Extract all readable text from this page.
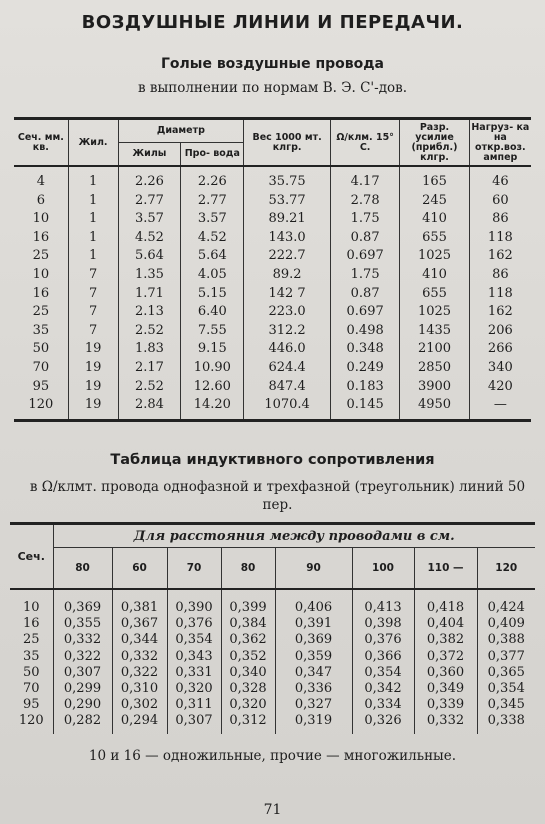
ВОЗДУШНЫЕ ЛИНИИ И ПЕРЕДАЧИ.
Голые воздушные провода
в выполнении по нормам В. Э. С'-дов.
Сеч. мм. кв.	Жил.	Диаметр		Вес 1000 мт. клгр.	Ω/клм. 15° С.	Разр. усилие (прибл.) клгр.	Нагруз- ка на откр.воз. ампер
		Жилы	Про- вода				
4	1	2.26	2.26	35.75	4.17	165	46
6	1	2.77	2.77	53.77	2.78	245	60
10	1	3.57	3.57	89.21	1.75	410	86
16	1	4.52	4.52	143.0	0.87	655	118
25	1	5.64	5.64	222.7	0.697	1025	162
10	7	1.35	4.05	89.2	1.75	410	86
16	7	1.71	5.15	142 7	0.87	655	118
25	7	2.13	6.40	223.0	0.697	1025	162
35	7	2.52	7.55	312.2	0.498	1435	206
50	19	1.83	9.15	446.0	0.348	2100	266
70	19	2.17	10.90	624.4	0.249	2850	340
95	19	2.52	12.60	847.4	0.183	3900	420
120	19	2.84	14.20	1070.4	0.145	4950	—

Таблица индуктивного сопротивления
в Ω/клмт. провода однофазной и трехфазной (треугольник) линий 50 пер.
Сеч.	Для расстояния между проводами в см.							
	80	60	70	80	90	100	110 —	120
10	0,369	0,381	0,390	0,399	0,406	0,413	0,418	0,424
16	0,355	0,367	0,376	0,384	0,391	0,398	0,404	0,409
25	0,332	0,344	0,354	0,362	0,369	0,376	0,382	0,388
35	0,322	0,332	0,343	0,352	0,359	0,366	0,372	0,377
50	0,307	0,322	0,331	0,340	0,347	0,354	0,360	0,365
70	0,299	0,310	0,320	0,328	0,336	0,342	0,349	0,354
95	0,290	0,302	0,311	0,320	0,327	0,334	0,339	0,345
120	0,282	0,294	0,307	0,312	0,319	0,326	0,332	0,338
10 и 16 — одножильные, прочие — многожильные.
71
